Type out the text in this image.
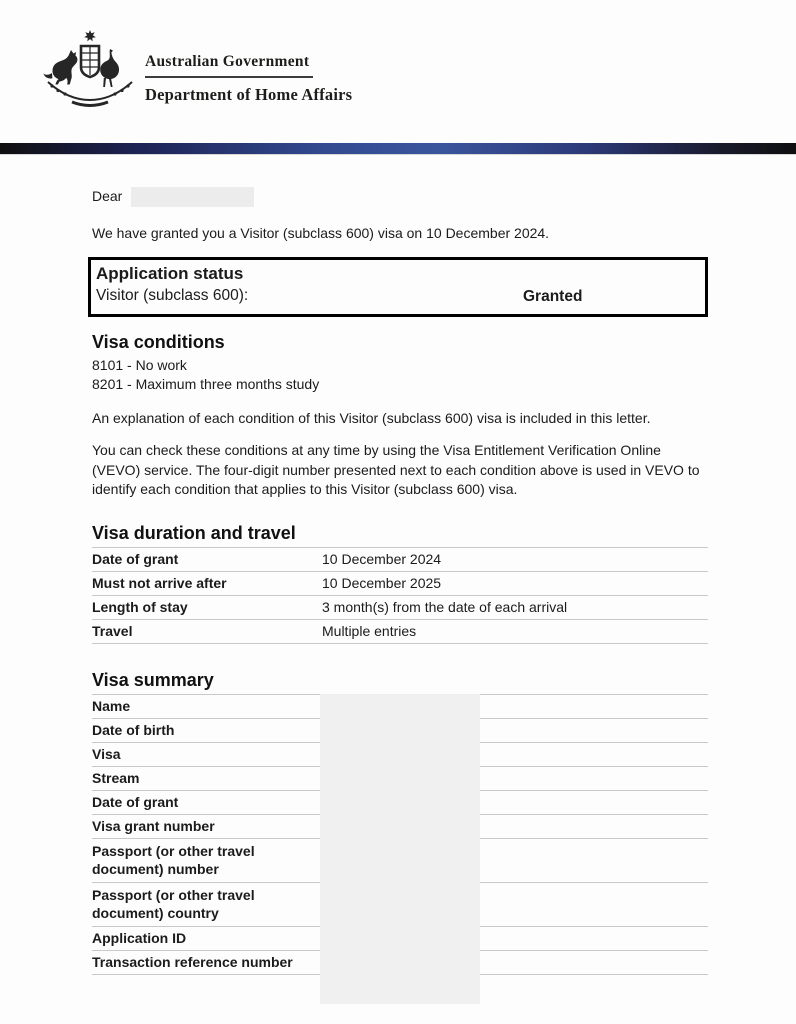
Australian Government
Department of Home Affairs
Dear
We have granted you a Visitor (subclass 600) visa on 10 December 2024.
Application status
Visitor (subclass 600):	Granted
Visa conditions
8101 - No work
8201 - Maximum three months study
An explanation of each condition of this Visitor (subclass 600) visa is included in this letter.
You can check these conditions at any time by using the Visa Entitlement Verification Online (VEVO) service. The four-digit number presented next to each condition above is used in VEVO to identify each condition that applies to this Visitor (subclass 600) visa.
Visa duration and travel
Date of grant	10 December 2024
Must not arrive after	10 December 2025
Length of stay	3 month(s) from the date of each arrival
Travel	Multiple entries
Visa summary
Name
Date of birth
Visa
Stream
Date of grant
Visa grant number
Passport (or other travel document) number
Passport (or other travel document) country
Application ID
Transaction reference number
